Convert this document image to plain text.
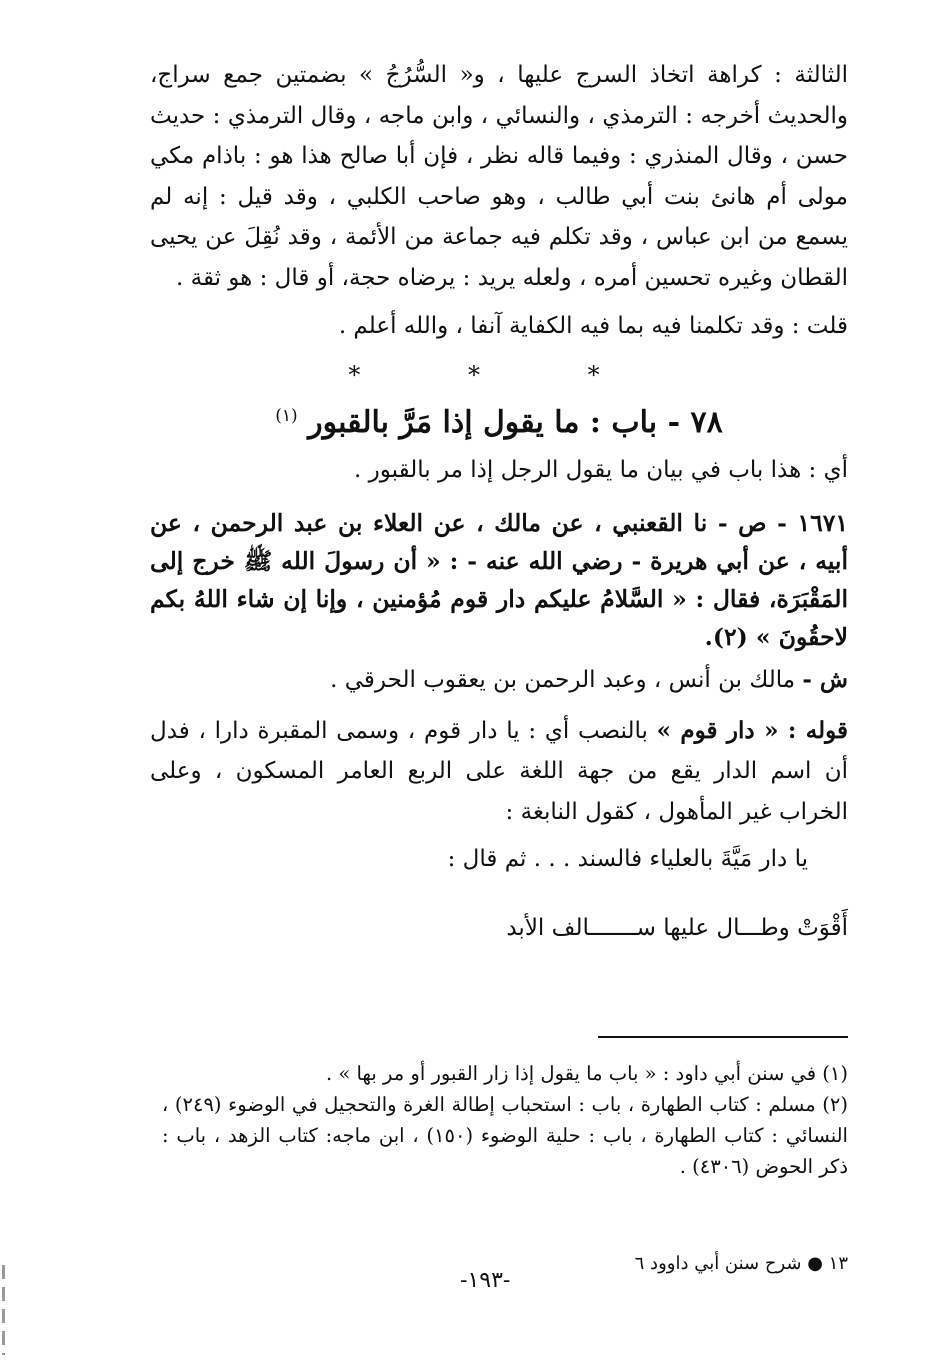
الثالثة : كراهة اتخاذ السرج عليها ، و« السُّرُجُ » بضمتين جمع سراج، والحديث أخرجه : الترمذي ، والنسائي ، وابن ماجه ، وقال الترمذي : حديث حسن ، وقال المنذري : وفيما قاله نظر ، فإن أبا صالح هذا هو : باذام مكي مولى أم هانئ بنت أبي طالب ، وهو صاحب الكلبي ، وقد قيل : إنه لم يسمع من ابن عباس ، وقد تكلم فيه جماعة من الأئمة ، وقد نُقِلَ عن يحيى القطان وغيره تحسين أمره ، ولعله يريد : يرضاه حجة، أو قال : هو ثقة .

قلت : وقد تكلمنا فيه بما فيه الكفاية آنفا ، والله أعلم .

* * *
٧٨ - باب : ما يقول إذا مَرَّ بالقبور $^{(١)}$

أي : هذا باب في بيان ما يقول الرجل إذا مر بالقبور .

١٦٧١ - ص - نا القعنبي ، عن مالك ، عن العلاء بن عبد الرحمن ، عن أبيه ، عن أبي هريرة - رضي الله عنه - : « أن رسولَ الله ﷺ خرج إلى المَقْبَرَة، فقال : « السَّلامُ عليكم دار قوم مُؤمنين ، وإنا إن شاء اللهُ بكم لاحقُونَ » (٢).

ش - مالك بن أنس ، وعبد الرحمن بن يعقوب الحرقي .

قوله : « دار قوم » بالنصب أي : يا دار قوم ، وسمى المقبرة دارا ، فدل أن اسم الدار يقع من جهة اللغة على الربع العامر المسكون ، وعلى الخراب غير المأهول ، كقول النابغة :

يا دار مَيَّةَ بالعلياء فالسند . . . ثم قال :

أَقْوَتْ وطـــال عليها ســـــــالف الأبد

(١) في سنن أبي داود : « باب ما يقول إذا زار القبور أو مر بها » .

(٢) مسلم : كتاب الطهارة ، باب : استحباب إطالة الغرة والتحجيل في الوضوء (٢٤٩) ، النسائي : كتاب الطهارة ، باب : حلية الوضوء (١٥٠) ، ابن ماجه: كتاب الزهد ، باب : ذكر الحوض (٤٣٠٦) .

١٣ ● شرح سنن أبي داوود ٦
-١٩٣-
